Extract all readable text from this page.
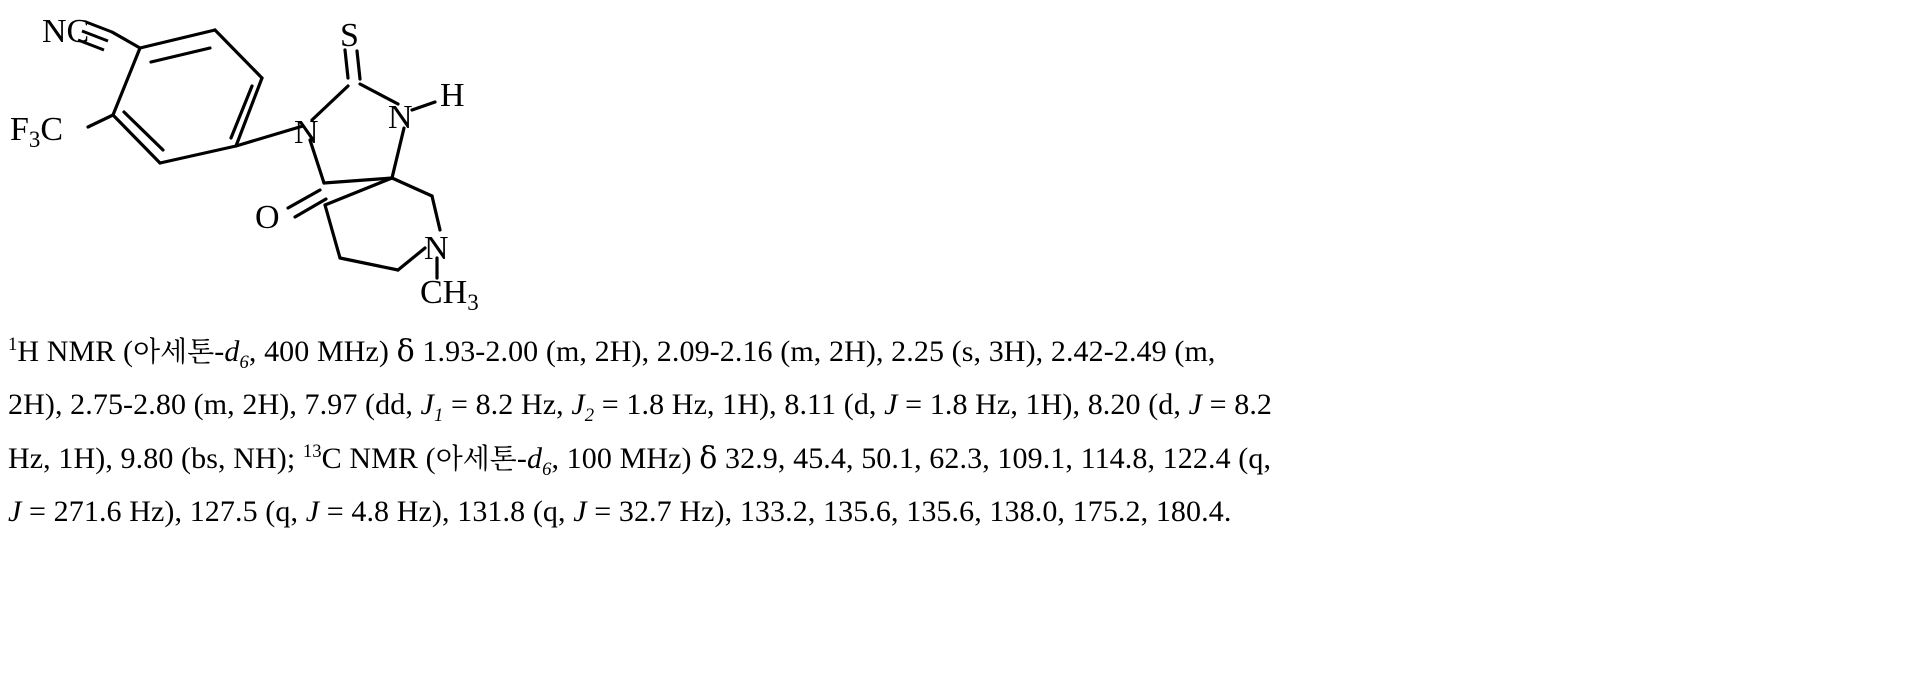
NC
$F_3C$
S
N N
H
O
N
$CH_3$
$^1$H NMR (아세톤$-d_6$, 400 MHz) δ 1.93-2.00 (m, 2H), 2.09-2.16 (m, 2H), 2.25 (s, 3H), 2.42-2.49 (m,
2H), 2.75-2.80 (m, 2H), 7.97 (dd, $J_1 = 8.2$ Hz, $J_2 = 1.8$ Hz, 1H), 8.11 (d, J = 1.8 Hz, 1H), 8.20 (d, J = 8.2
Hz, 1H), 9.80 (bs, NH); $^{13}$C NMR (아세톤$-d_6$, 100 MHz) δ 32.9, 45.4, 50.1, 62.3, 109.1, 114.8, 122.4 (q,
J = 271.6 Hz), 127.5 (q, J = 4.8 Hz), 131.8 (q, J = 32.7 Hz), 133.2, 135.6, 135.6, 138.0, 175.2, 180.4.
